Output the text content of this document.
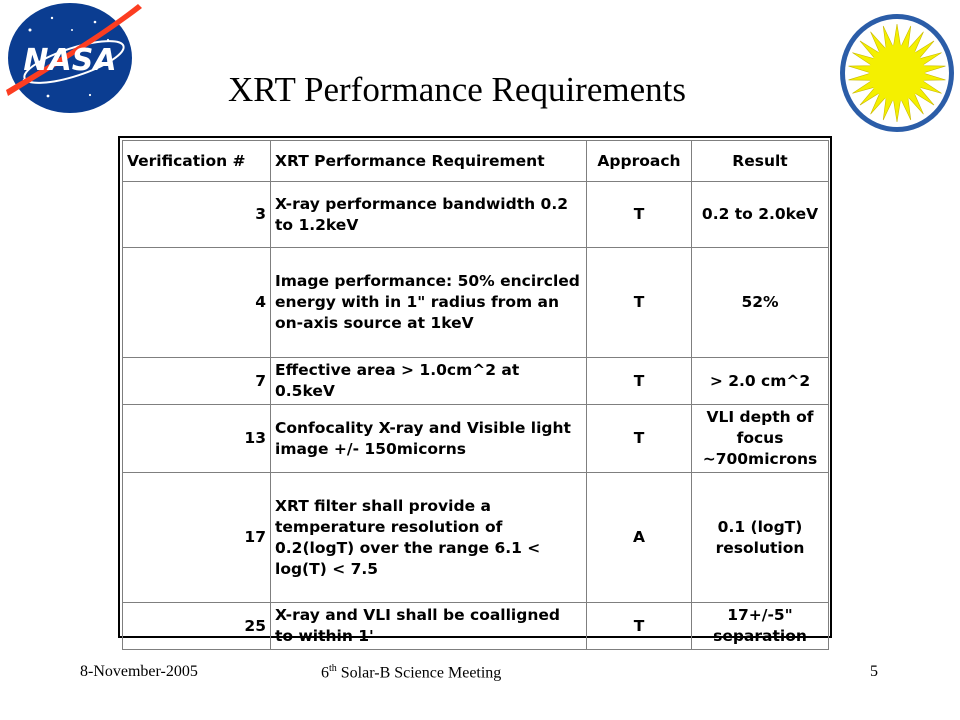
NASA
XRT Performance Requirements
Verification #	XRT Performance Requirement	Approach	Result
3	X-ray performance bandwidth 0.2 to 1.2keV	T	0.2 to 2.0keV
4	Image performance: 50% encircled energy with in 1" radius from an on-axis source at 1keV	T	52%
7	Effective area > 1.0cm^2 at 0.5keV	T	> 2.0 cm^2
13	Confocality X-ray and Visible light image +/- 150micorns	T	VLI depth of focus ~700microns
17	XRT filter shall provide a temperature resolution of 0.2(logT) over the range 6.1 < log(T) < 7.5	A	0.1 (logT) resolution
25	X-ray and VLI shall be coalligned to within 1'	T	17+/-5" separation
8-November-2005	6th Solar-B Science Meeting	5
